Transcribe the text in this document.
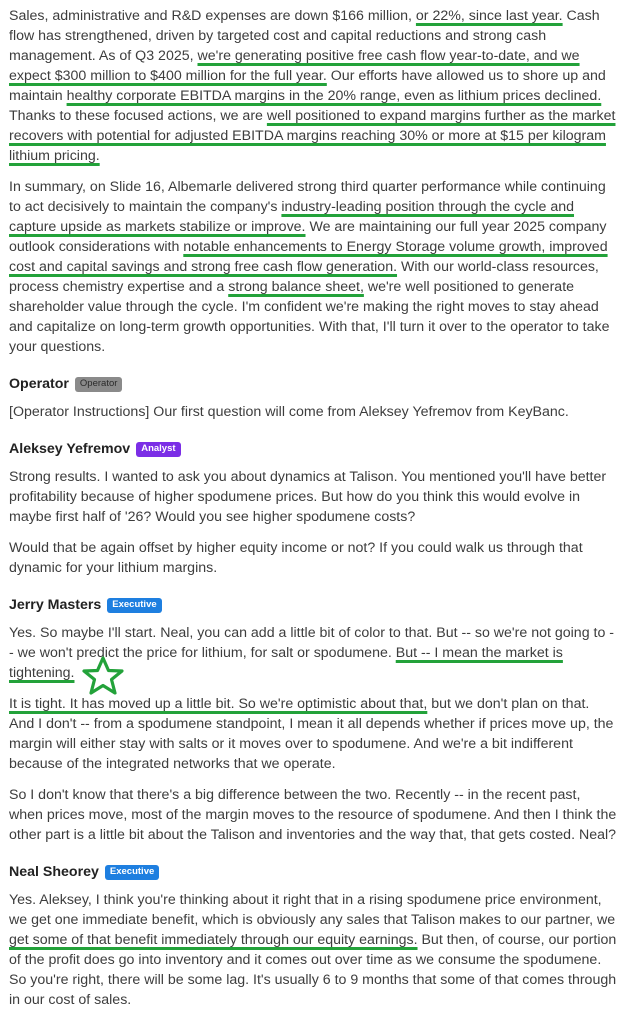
Sales, administrative and R&D expenses are down $166 million, or 22%, since last year. Cash flow has strengthened, driven by targeted cost and capital reductions and strong cash management. As of Q3 2025, we're generating positive free cash flow year-to-date, and we expect $300 million to $400 million for the full year. Our efforts have allowed us to shore up and maintain healthy corporate EBITDA margins in the 20% range, even as lithium prices declined. Thanks to these focused actions, we are well positioned to expand margins further as the market recovers with potential for adjusted EBITDA margins reaching 30% or more at $15 per kilogram lithium pricing.

In summary, on Slide 16, Albemarle delivered strong third quarter performance while continuing to act decisively to maintain the company's industry-leading position through the cycle and capture upside as markets stabilize or improve. We are maintaining our full year 2025 company outlook considerations with notable enhancements to Energy Storage volume growth, improved cost and capital savings and strong free cash flow generation. With our world-class resources, process chemistry expertise and a strong balance sheet, we're well positioned to generate shareholder value through the cycle. I'm confident we're making the right moves to stay ahead and capitalize on long-term growth opportunities. With that, I'll turn it over to the operator to take your questions.

Operator	Operator

[Operator Instructions] Our first question will come from Aleksey Yefremov from KeyBanc.

Aleksey Yefremov	Analyst

Strong results. I wanted to ask you about dynamics at Talison. You mentioned you'll have better profitability because of higher spodumene prices. But how do you think this would evolve in maybe first half of '26? Would you see higher spodumene costs?

Would that be again offset by higher equity income or not? If you could walk us through that dynamic for your lithium margins.

Jerry Masters	Executive

Yes. So maybe I'll start. Neal, you can add a little bit of color to that. But -- so we're not going to -- we won't predict the price for lithium, for salt or spodumene. But -- I mean the market is tightening.

It is tight. It has moved up a little bit. So we're optimistic about that, but we don't plan on that. And I don't -- from a spodumene standpoint, I mean it all depends whether if prices move up, the margin will either stay with salts or it moves over to spodumene. And we're a bit indifferent because of the integrated networks that we operate.

So I don't know that there's a big difference between the two. Recently -- in the recent past, when prices move, most of the margin moves to the resource of spodumene. And then I think the other part is a little bit about the Talison and inventories and the way that, that gets costed. Neal?

Neal Sheorey	Executive

Yes. Aleksey, I think you're thinking about it right that in a rising spodumene price environment, we get one immediate benefit, which is obviously any sales that Talison makes to our partner, we get some of that benefit immediately through our equity earnings. But then, of course, our portion of the profit does go into inventory and it comes out over time as we consume the spodumene. So you're right, there will be some lag. It's usually 6 to 9 months that some of that comes through in our cost of sales.
